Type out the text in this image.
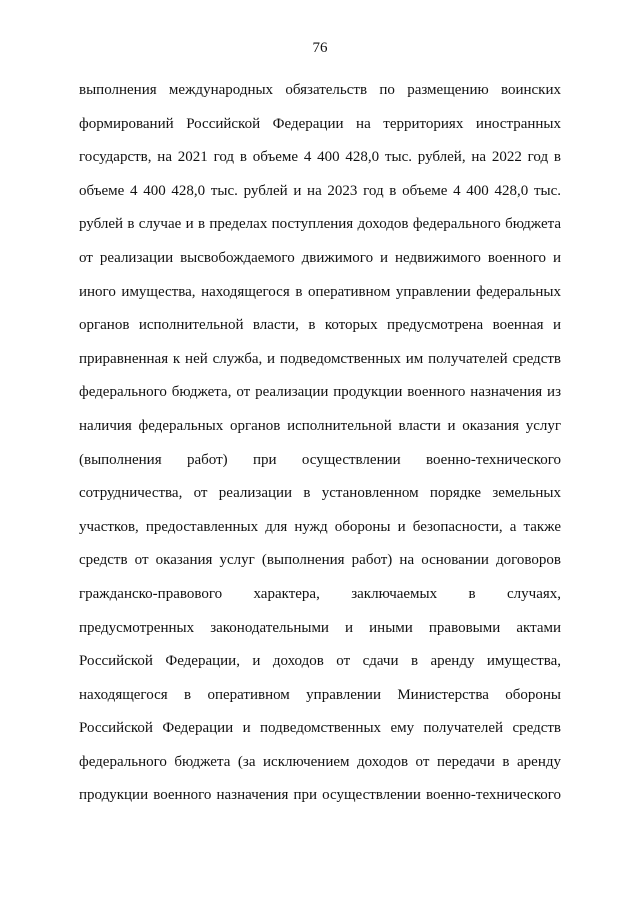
76
выполнения международных обязательств по размещению воинских
формирований Российской Федерации на территориях иностранных
государств, на 2021 год в объеме 4 400 428,0 тыс. рублей, на 2022 год в
объеме 4 400 428,0 тыс. рублей и на 2023 год в объеме 4 400 428,0 тыс.
рублей в случае и в пределах поступления доходов федерального бюджета
от реализации высвобождаемого движимого и недвижимого военного и
иного имущества, находящегося в оперативном управлении федеральных
органов исполнительной власти, в которых предусмотрена военная и
приравненная к ней служба, и подведомственных им получателей средств
федерального бюджета, от реализации продукции военного назначения из
наличия федеральных органов исполнительной власти и оказания услуг
(выполнения работ) при осуществлении военно-технического
сотрудничества, от реализации в установленном порядке земельных
участков, предоставленных для нужд обороны и безопасности, а также
средств от оказания услуг (выполнения работ) на основании договоров
гражданско-правового характера, заключаемых в случаях,
предусмотренных законодательными и иными правовыми актами
Российской Федерации, и доходов от сдачи в аренду имущества,
находящегося в оперативном управлении Министерства обороны
Российской Федерации и подведомственных ему получателей средств
федерального бюджета (за исключением доходов от передачи в аренду
продукции военного назначения при осуществлении военно-технического
